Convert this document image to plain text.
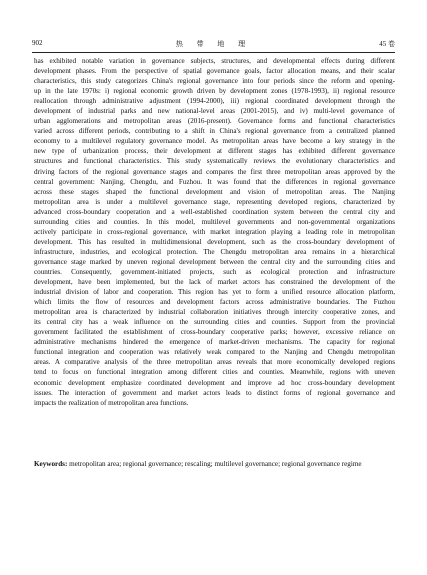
902	热 带 地 理	45 卷
has exhibited notable variation in governance subjects, structures, and developmental effects during different
development phases. From the perspective of spatial governance goals, factor allocation means, and their scalar
characteristics, this study categorizes China's regional governance into four periods since the reform and opening-
up in the late 1970s: i) regional economic growth driven by development zones (1978-1993), ii) regional resource
reallocation through administrative adjustment (1994-2000), iii) regional coordinated development through the
development of industrial parks and new national-level areas (2001-2015), and iv) multi-level governance of
urban agglomerations and metropolitan areas (2016-present). Governance forms and functional characteristics
varied across different periods, contributing to a shift in China's regional governance from a centralized planned
economy to a multilevel regulatory governance model. As metropolitan areas have become a key strategy in the
new type of urbanization process, their development at different stages has exhibited different governance
structures and functional characteristics. This study systematically reviews the evolutionary characteristics and
driving factors of the regional governance stages and compares the first three metropolitan areas approved by the
central government: Nanjing, Chengdu, and Fuzhou. It was found that the differences in regional governance
across these stages shaped the functional development and vision of metropolitan areas. The Nanjing
metropolitan area is under a multilevel governance stage, representing developed regions, characterized by
advanced cross-boundary cooperation and a well-established coordination system between the central city and
surrounding cities and counties. In this model, multilevel governments and non-governmental organizations
actively participate in cross-regional governance, with market integration playing a leading role in metropolitan
development. This has resulted in multidimensional development, such as the cross-boundary development of
infrastructure, industries, and ecological protection. The Chengdu metropolitan area remains in a hierarchical
governance stage marked by uneven regional development between the central city and the surrounding cities and
countries. Consequently, government-initiated projects, such as ecological protection and infrastructure
development, have been implemented, but the lack of market actors has constrained the development of the
industrial division of labor and cooperation. This region has yet to form a unified resource allocation platform,
which limits the flow of resources and development factors across administrative boundaries. The Fuzhou
metropolitan area is characterized by industrial collaboration initiatives through intercity cooperative zones, and
its central city has a weak influence on the surrounding cities and counties. Support from the provincial
government facilitated the establishment of cross-boundary cooperative parks; however, excessive reliance on
administrative mechanisms hindered the emergence of market-driven mechanisms. The capacity for regional
functional integration and cooperation was relatively weak compared to the Nanjing and Chengdu metropolitan
areas. A comparative analysis of the three metropolitan areas reveals that more economically developed regions
tend to focus on functional integration among different cities and counties. Meanwhile, regions with uneven
economic development emphasize coordinated development and improve ad hoc cross-boundary development
issues. The interaction of government and market actors leads to distinct forms of regional governance and
impacts the realization of metropolitan area functions.
Keywords: metropolitan area; regional governance; rescaling; multilevel governance; regional governance regime
